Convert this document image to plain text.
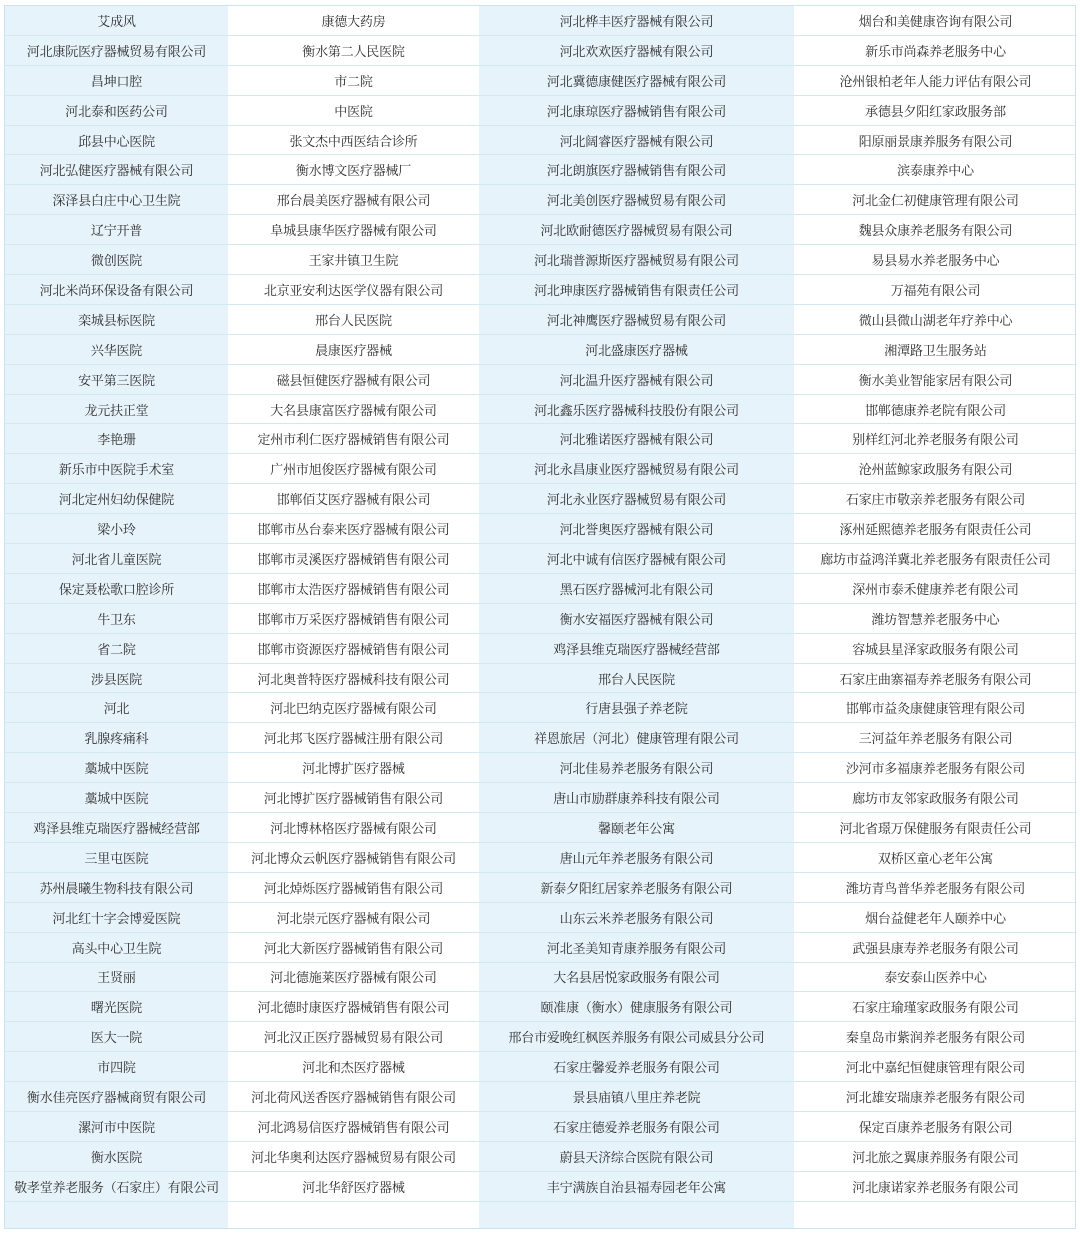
艾成风	康德大药房	河北桦丰医疗器械有限公司	烟台和美健康咨询有限公司
河北康阮医疗器械贸易有限公司	衡水第二人民医院	河北欢欢医疗器械有限公司	新乐市尚森养老服务中心
昌坤口腔	市二院	河北冀德康健医疗器械有限公司	沧州银柏老年人能力评估有限公司
河北泰和医药公司	中医院	河北康琼医疗器械销售有限公司	承德县夕阳红家政服务部
邱县中心医院	张文杰中西医结合诊所	河北阔睿医疗器械有限公司	阳原丽景康养服务有限公司
河北弘健医疗器械有限公司	衡水博文医疗器械厂	河北朗旗医疗器械销售有限公司	滨泰康养中心
深泽县白庄中心卫生院	邢台晨美医疗器械有限公司	河北美创医疗器械贸易有限公司	河北金仁初健康管理有限公司
辽宁开普	阜城县康华医疗器械有限公司	河北欧耐德医疗器械贸易有限公司	魏县众康养老服务有限公司
微创医院	王家井镇卫生院	河北瑞普源斯医疗器械贸易有限公司	易县易水养老服务中心
河北米尚环保设备有限公司	北京亚安利达医学仪器有限公司	河北珅康医疗器械销售有限责任公司	万福苑有限公司
栾城县标医院	邢台人民医院	河北神鹰医疗器械贸易有限公司	微山县微山湖老年疗养中心
兴华医院	晨康医疗器械	河北盛康医疗器械	湘潭路卫生服务站
安平第三医院	磁县恒健医疗器械有限公司	河北温升医疗器械有限公司	衡水美业智能家居有限公司
龙元扶正堂	大名县康富医疗器械有限公司	河北鑫乐医疗器械科技股份有限公司	邯郸德康养老院有限公司
李艳珊	定州市利仁医疗器械销售有限公司	河北雅诺医疗器械有限公司	别样红河北养老服务有限公司
新乐市中医院手术室	广州市旭俊医疗器械有限公司	河北永昌康业医疗器械贸易有限公司	沧州蓝鲸家政服务有限公司
河北定州妇幼保健院	邯郸佰艾医疗器械有限公司	河北永业医疗器械贸易有限公司	石家庄市敬亲养老服务有限公司
梁小玲	邯郸市丛台泰来医疗器械有限公司	河北誉奥医疗器械有限公司	涿州延熙德养老服务有限责任公司
河北省儿童医院	邯郸市灵溪医疗器械销售有限公司	河北中诚有信医疗器械有限公司	廊坊市益鸿洋冀北养老服务有限责任公司
保定聂松歌口腔诊所	邯郸市太浩医疗器械销售有限公司	黑石医疗器械河北有限公司	深州市泰禾健康养老有限公司
牛卫东	邯郸市万采医疗器械销售有限公司	衡水安福医疗器械有限公司	潍坊智慧养老服务中心
省二院	邯郸市资源医疗器械销售有限公司	鸡泽县维克瑞医疗器械经营部	容城县星泽家政服务有限公司
涉县医院	河北奥普特医疗器械科技有限公司	邢台人民医院	石家庄曲寨福寿养老服务有限公司
河北	河北巴纳克医疗器械有限公司	行唐县强子养老院	邯郸市益灸康健康管理有限公司
乳腺疼痛科	河北邦飞医疗器械注册有限公司	祥恩旅居（河北）健康管理有限公司	三河益年养老服务有限公司
藁城中医院	河北博扩医疗器械	河北佳易养老服务有限公司	沙河市多福康养老服务有限公司
藁城中医院	河北博扩医疗器械销售有限公司	唐山市励群康养科技有限公司	廊坊市友邻家政服务有限公司
鸡泽县维克瑞医疗器械经营部	河北博林格医疗器械有限公司	馨颐老年公寓	河北省璟万保健服务有限责任公司
三里屯医院	河北博众云帆医疗器械销售有限公司	唐山元年养老服务有限公司	双桥区童心老年公寓
苏州晨曦生物科技有限公司	河北焯烁医疗器械销售有限公司	新泰夕阳红居家养老服务有限公司	潍坊青鸟普华养老服务有限公司
河北红十字会博爱医院	河北崇元医疗器械有限公司	山东云米养老服务有限公司	烟台益健老年人颐养中心
高头中心卫生院	河北大新医疗器械销售有限公司	河北圣美知青康养服务有限公司	武强县康寿养老服务有限公司
王贤丽	河北德施莱医疗器械有限公司	大名县居悦家政服务有限公司	泰安泰山医养中心
曙光医院	河北德时康医疗器械销售有限公司	颐准康（衡水）健康服务有限公司	石家庄瑜瑾家政服务有限公司
医大一院	河北汉正医疗器械贸易有限公司	邢台市爱晚红枫医养服务有限公司威县分公司	秦皇岛市紫润养老服务有限公司
市四院	河北和杰医疗器械	石家庄馨爱养老服务有限公司	河北中嘉纪恒健康管理有限公司
衡水佳亮医疗器械商贸有限公司	河北荷风送香医疗器械销售有限公司	景县庙镇八里庄养老院	河北雄安瑞康养老服务有限公司
漯河市中医院	河北鸿易信医疗器械销售有限公司	石家庄德爱养老服务有限公司	保定百康养老服务有限公司
衡水医院	河北华奥利达医疗器械贸易有限公司	蔚县天济综合医院有限公司	河北旅之翼康养服务有限公司
敬孝堂养老服务（石家庄）有限公司	河北华舒医疗器械	丰宁满族自治县福寿园老年公寓	河北康诺家养老服务有限公司
